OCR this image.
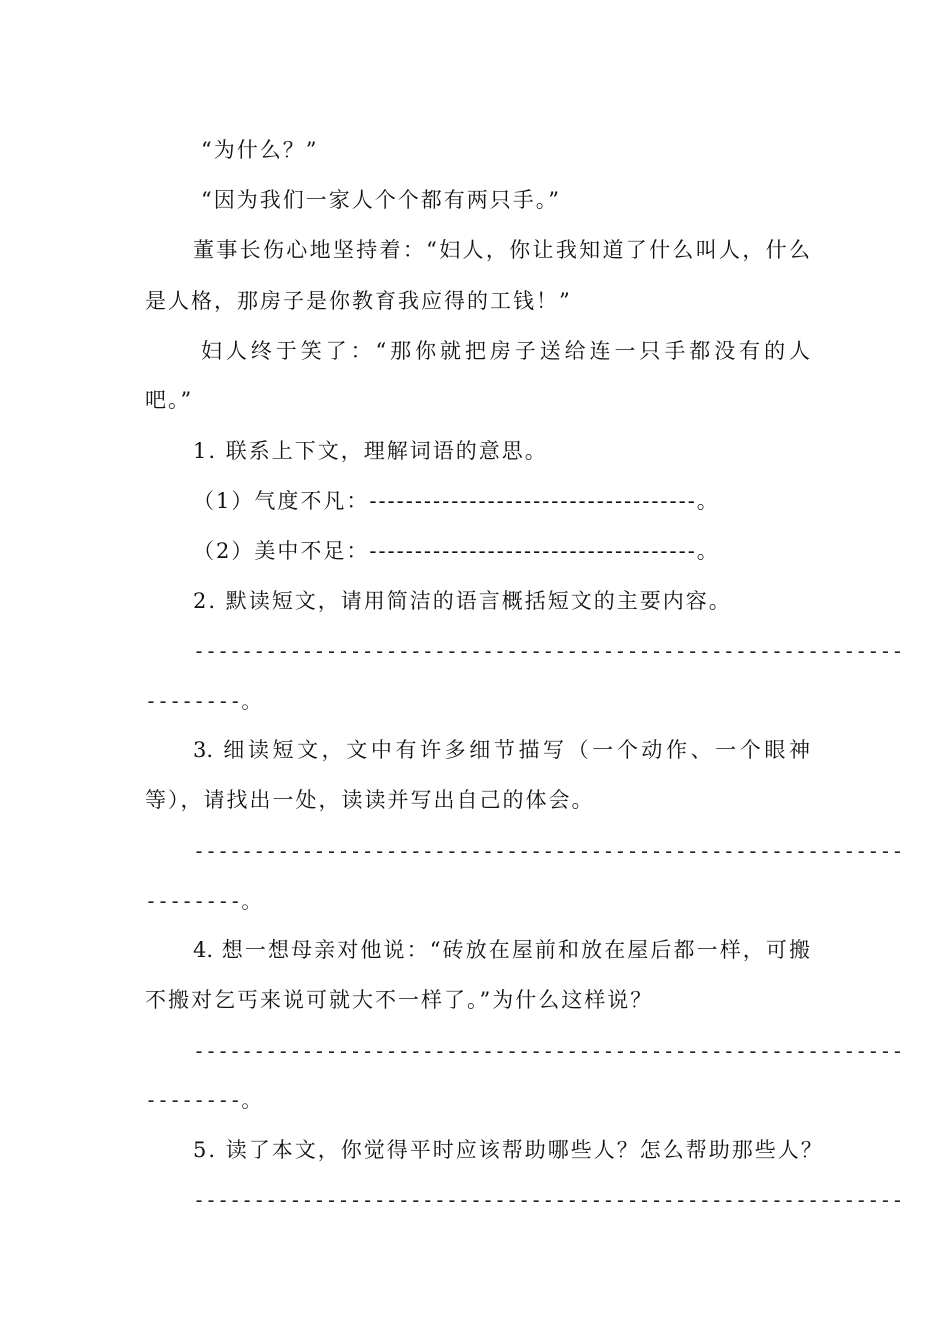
“为什么？”
“因为我们一家人个个都有两只手。”
董事长伤心地坚持着：“妇人，你让我知道了什么叫人，什么
是人格，那房子是你教育我应得的工钱！”
妇人终于笑了：“那你就把房子送给连一只手都没有的人
吧。”
1. 联系上下文，理解词语的意思。
（1）气度不凡：------------------------------------。
（2）美中不足：------------------------------------。
2. 默读短文，请用简洁的语言概括短文的主要内容。
-----------------------------------------------------------
--------。
3. 细读短文，文中有许多细节描写（一个动作、一个眼神
等），请找出一处，读读并写出自己的体会。
-----------------------------------------------------------
--------。
4. 想一想母亲对他说：“砖放在屋前和放在屋后都一样，可搬
不搬对乞丐来说可就大不一样了。”为什么这样说？
-----------------------------------------------------------
--------。
5. 读了本文，你觉得平时应该帮助哪些人？怎么帮助那些人？
-----------------------------------------------------------
